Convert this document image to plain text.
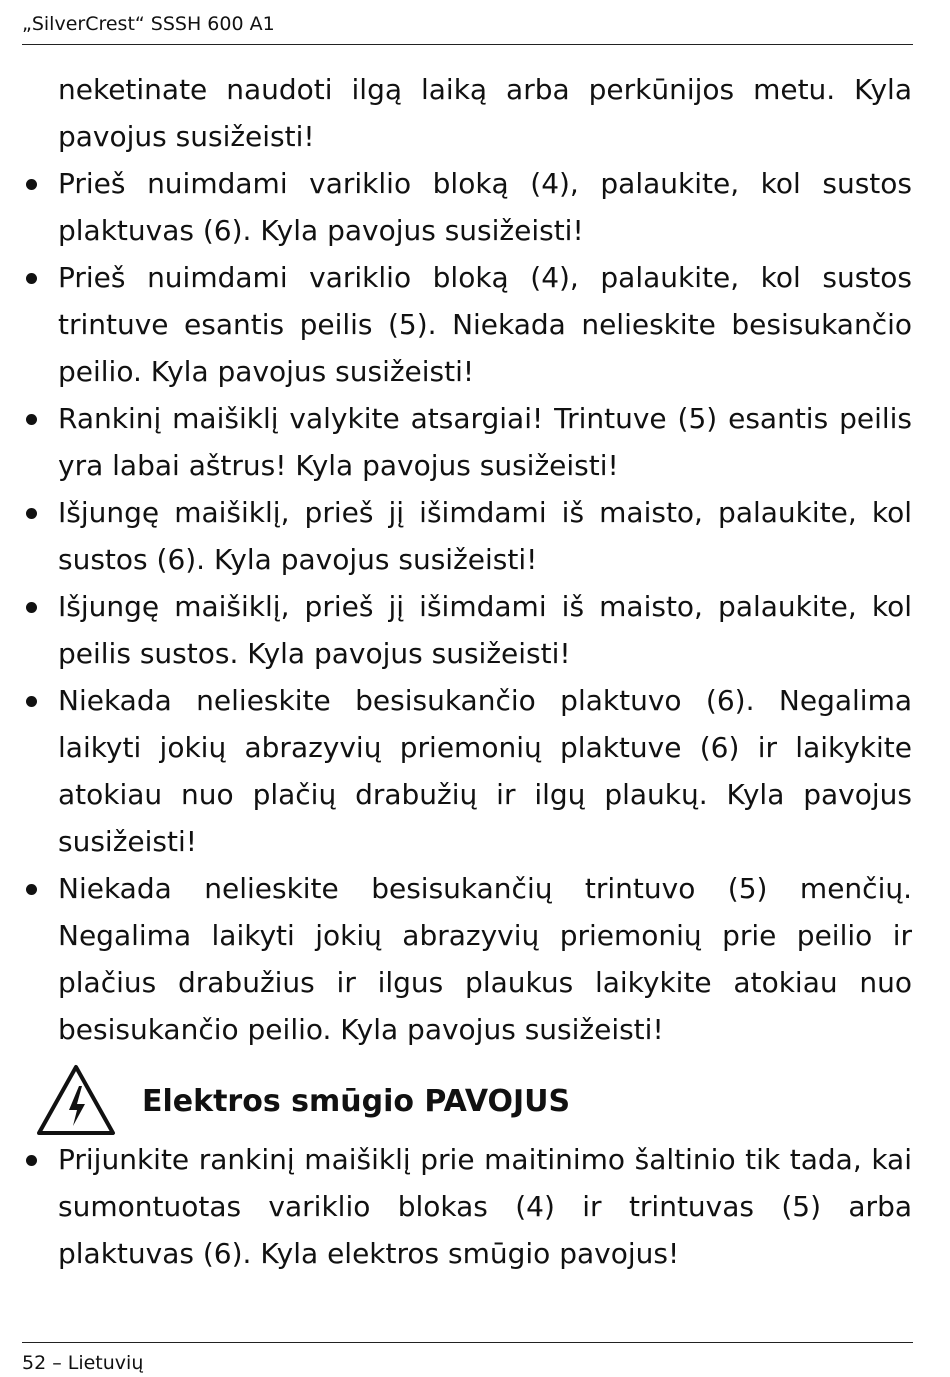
„SilverCrest“ SSSH 600 A1

neketinate naudoti ilgą laiką arba perkūnijos metu. Kyla pavojus susižeisti!

Prieš nuimdami variklio bloką (4), palaukite, kol sustos plaktuvas (6). Kyla pavojus susižeisti!
Prieš nuimdami variklio bloką (4), palaukite, kol sustos trintuve esantis peilis (5). Niekada nelieskite besisukančio peilio. Kyla pavojus susižeisti!
Rankinį maišiklį valykite atsargiai! Trintuve (5) esantis peilis yra labai aštrus! Kyla pavojus susižeisti!
Išjungę maišiklį, prieš jį išimdami iš maisto, palaukite, kol sustos (6). Kyla pavojus susižeisti!
Išjungę maišiklį, prieš jį išimdami iš maisto, palaukite, kol peilis sustos. Kyla pavojus susižeisti!
Niekada nelieskite besisukančio plaktuvo (6). Negalima laikyti jokių abrazyvių priemonių plaktuve (6) ir laikykite atokiau nuo plačių drabužių ir ilgų plaukų. Kyla pavojus susižeisti!
Niekada nelieskite besisukančių trintuvo (5) menčių. Negalima laikyti jokių abrazyvių priemonių prie peilio ir plačius drabužius ir ilgus plaukus laikykite atokiau nuo besisukančio peilio. Kyla pavojus susižeisti!
Elektros smūgio PAVOJUS
Prijunkite rankinį maišiklį prie maitinimo šaltinio tik tada, kai sumontuotas variklio blokas (4) ir trintuvas (5) arba plaktuvas (6). Kyla elektros smūgio pavojus!
52 – Lietuvių
